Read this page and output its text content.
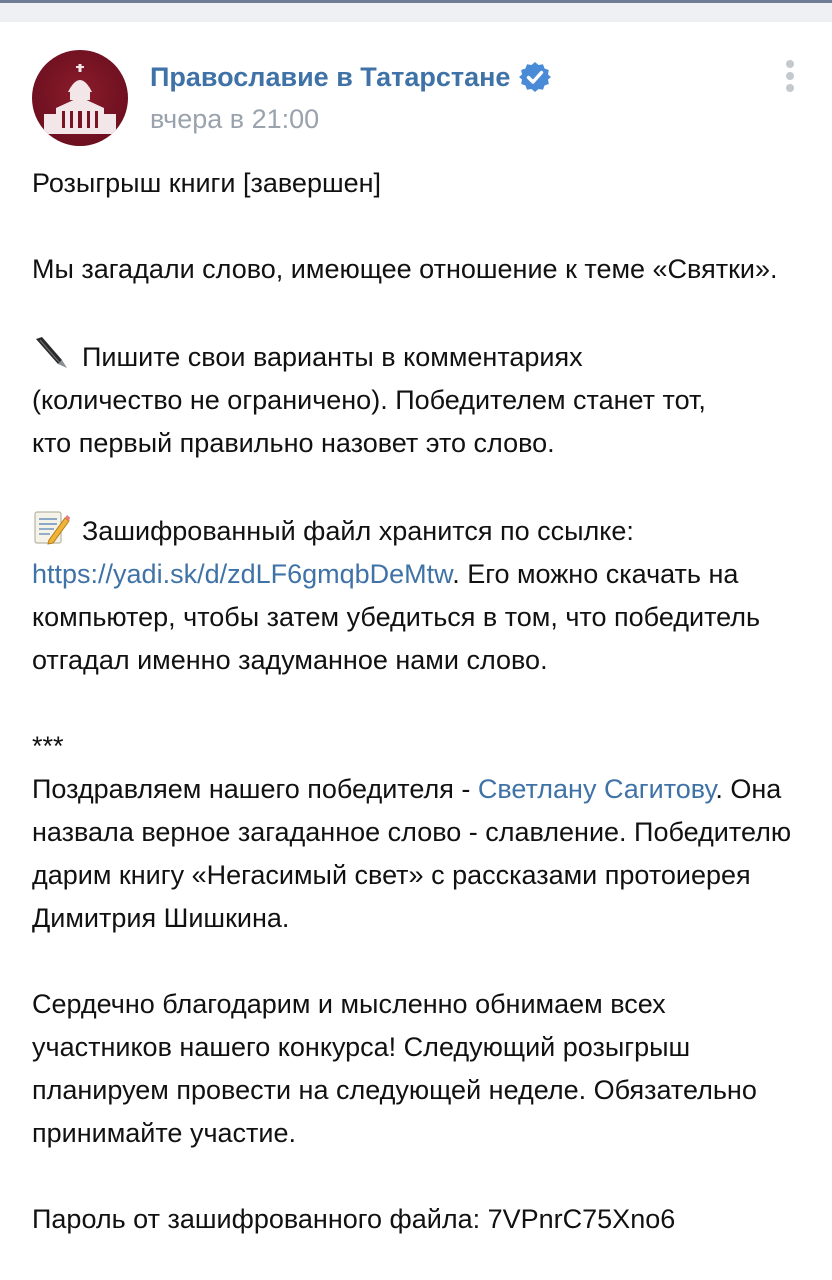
Православие в Татарстане
вчера в 21:00

Розыгрыш книги [завершен]

Мы загадали слово, имеющее отношение к теме «Святки».

Пишите свои варианты в комментариях
(количество не ограничено). Победителем станет тот,
кто первый правильно назовет это слово.

Зашифрованный файл хранится по ссылке: https://yadi.sk/d/zdLF6gmqbDeMtw. Его можно скачать на компьютер, чтобы затем убедиться в том, что победитель отгадал именно задуманное нами слово.

***

Поздравляем нашего победителя - Светлану Сагитову. Она назвала верное загаданное слово - славление. Победителю дарим книгу «Негасимый свет» с рассказами протоиерея Димитрия Шишкина.

Сердечно благодарим и мысленно обнимаем всех участников нашего конкурса! Следующий розыгрыш планируем провести на следующей неделе. Обязательно принимайте участие.

Пароль от зашифрованного файла: 7VPnrC75Xno6
